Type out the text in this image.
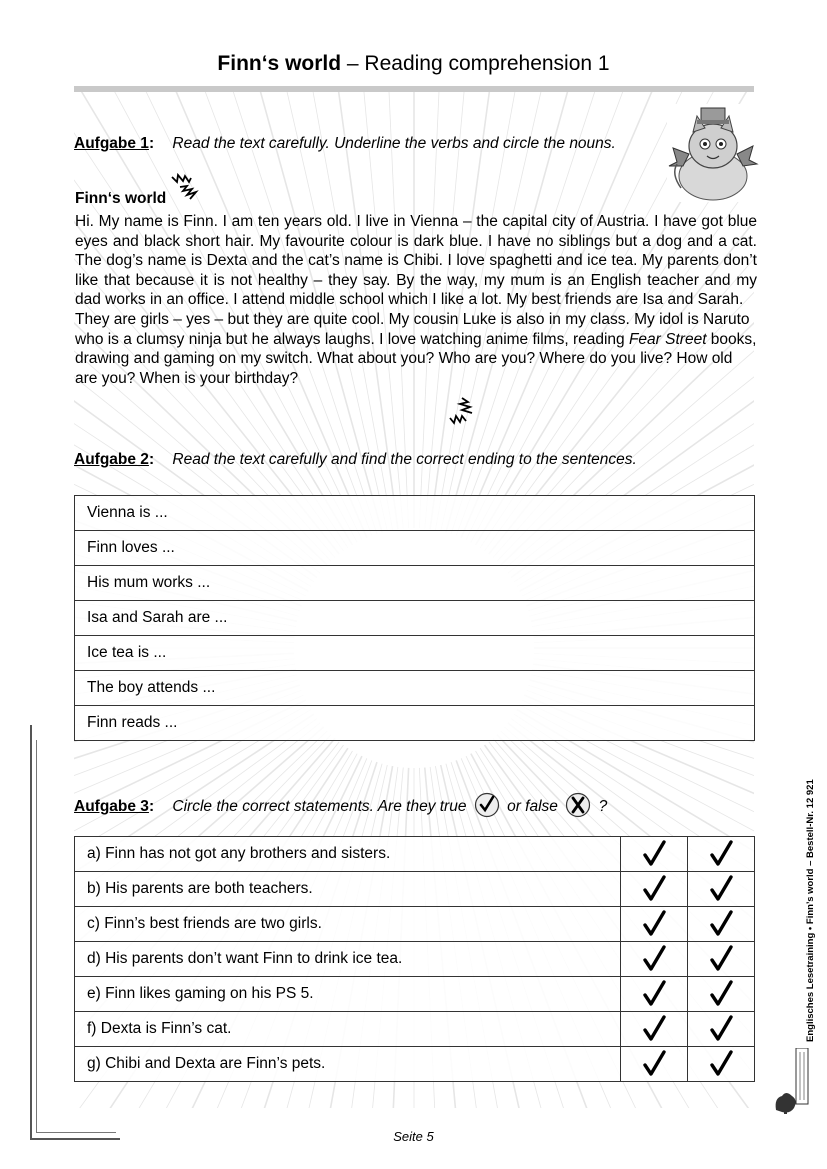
Finn‘s world – Reading comprehension 1
Aufgabe 1: Read the text carefully. Underline the verbs and circle the nouns.
Finn‘s world

Hi. My name is Finn. I am ten years old. I live in Vienna – the capital city of Austria. I have got blue eyes and black short hair. My favourite colour is dark blue. I have no siblings but a dog and a cat. The dog’s name is Dexta and the cat’s name is Chibi. I love spaghetti and ice tea. My parents don’t like that because it is not healthy – they say. By the way, my mum is an English teacher and my dad works in an office. I attend middle school which I like a lot. My best friends are Isa and Sarah.

They are girls – yes – but they are quite cool. My cousin Luke is also in my class. My idol is Naruto who is a clumsy ninja but he always laughs. I love watching anime films, reading Fear Street books, drawing and gaming on my switch. What about you? Who are you? Where do you live? How old are you? When is your birthday?

Aufgabe 2: Read the text carefully and find the correct ending to the sentences.
Vienna is ...
Finn loves ...
His mum works ...
Isa and Sarah are ...
Ice tea is ...
The boy attends ...
Finn reads ...
Aufgabe 3: Circle the correct statements. Are they true	or false	?
a) Finn has not got any brothers and sisters.	

b) His parents are both teachers.	

c) Finn’s best friends are two girls.	

d) His parents don’t want Finn to drink ice tea.	

e) Finn likes gaming on his PS 5.	

f) Dexta is Finn’s cat.	

g) Chibi and Dexta are Finn’s pets.	

Englisches Lesetraining • Finn’s world – Bestell-Nr. 12 921
Seite 5
